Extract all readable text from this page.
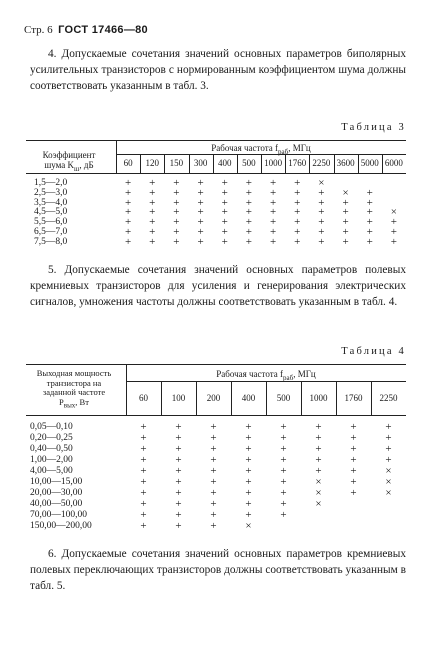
Стр. 6 ГОСТ 17466—80

4. Допускаемые сочетания значений основных параметров биполярных усилительных транзисторов с нормированным коэффициентом шума должны соответствовать указанным в табл. 3.

Таблица 3
Коэффициент
шума $K_ш$, дБ
Рабочая частота $f_{раб}$, МГц
60	120	150	300	400	500 1000 1760 2250 3600 5000 6000
1,5—2,0	+	+	+	+	+	+	+	+	×
2,5—3,0	+	+	+	+	+	+	+	+	+	×	+
3,5—4,0	+	+	+	+	+	+	+	+	+	+	+
4,5—5,0	+	+	+	+	+	+	+	+	+	+	+	×
5,5—6,0	+	+	+	+	+	+	+	+	+	+	+	+
6,5—7,0	+	+	+	+	+	+	+	+	+	+	+	+
7,5—8,0	+	+	+	+	+	+	+	+	+	+	+	+

5. Допускаемые сочетания значений основных параметров полевых кремниевых транзисторов для усиления и генерирования электрических сигналов, умножения частоты должны соответствовать указанным в табл. 4.

Таблица 4
Выходная мощность
транзистора на
заданной частоте
$P_{вых}$, Вт
Рабочая частота $f_{раб}$, МГц
60	100	200	400	500	1000	1760	2250
0,05—0,10	+	+	+	+	+	+	+	+
0,20—0,25	+	+	+	+	+	+	+	+
0,40—0,50	+	+	+	+	+	+	+	+
1,00—2,00	+	+	+	+	+	+	+	+
4,00—5,00	+	+	+	+	+	+	+	×
10,00—15,00	+	+	+	+	+	×	+	×
20,00—30,00	+	+	+	+	+	×	+	×
40,00—50,00	+	+	+	+	+	×
70,00—100,00	+	+	+	+	+
150,00—200,00	+	+	+	×

6. Допускаемые сочетания значений основных параметров кремниевых полевых переключающих транзисторов должны соответствовать указанным в табл. 5.
